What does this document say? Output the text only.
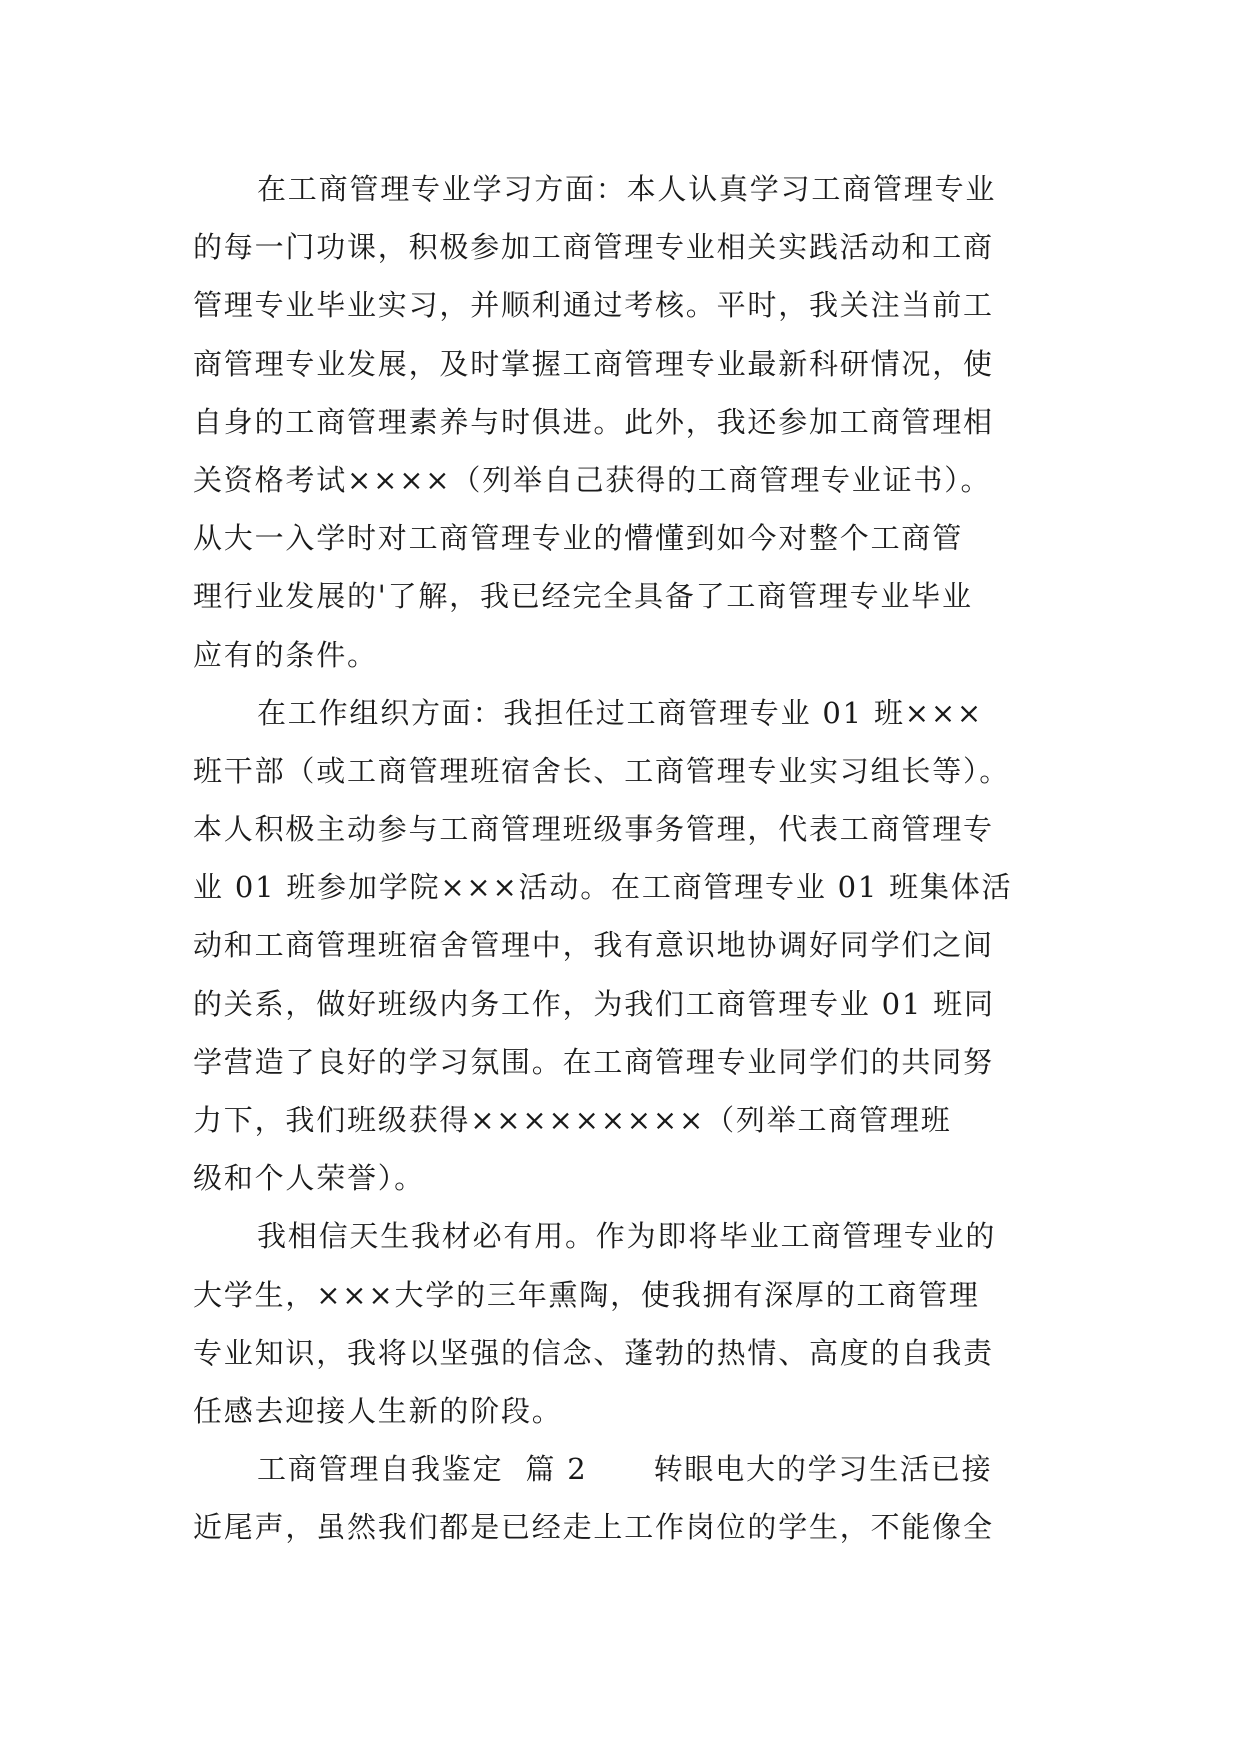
在工商管理专业学习方面：本人认真学习工商管理专业
的每一门功课，积极参加工商管理专业相关实践活动和工商
管理专业毕业实习，并顺利通过考核。平时，我关注当前工
商管理专业发展，及时掌握工商管理专业最新科研情况，使
自身的工商管理素养与时俱进。此外，我还参加工商管理相
关资格考试××××（列举自己获得的工商管理专业证书）。
从大一入学时对工商管理专业的懵懂到如今对整个工商管
理行业发展的'了解，我已经完全具备了工商管理专业毕业
应有的条件。
在工作组织方面：我担任过工商管理专业 01 班×××
班干部（或工商管理班宿舍长、工商管理专业实习组长等）。
本人积极主动参与工商管理班级事务管理，代表工商管理专
业 01 班参加学院×××活动。在工商管理专业 01 班集体活
动和工商管理班宿舍管理中，我有意识地协调好同学们之间
的关系，做好班级内务工作，为我们工商管理专业 01 班同
学营造了良好的学习氛围。在工商管理专业同学们的共同努
力下，我们班级获得×××××××××（列举工商管理班
级和个人荣誉）。
我相信天生我材必有用。作为即将毕业工商管理专业的
大学生，×××大学的三年熏陶，使我拥有深厚的工商管理
专业知识，我将以坚强的信念、蓬勃的热情、高度的自我责
任感去迎接人生新的阶段。
工商管理自我鉴定  篇 2      转眼电大的学习生活已接
近尾声，虽然我们都是已经走上工作岗位的学生，不能像全
